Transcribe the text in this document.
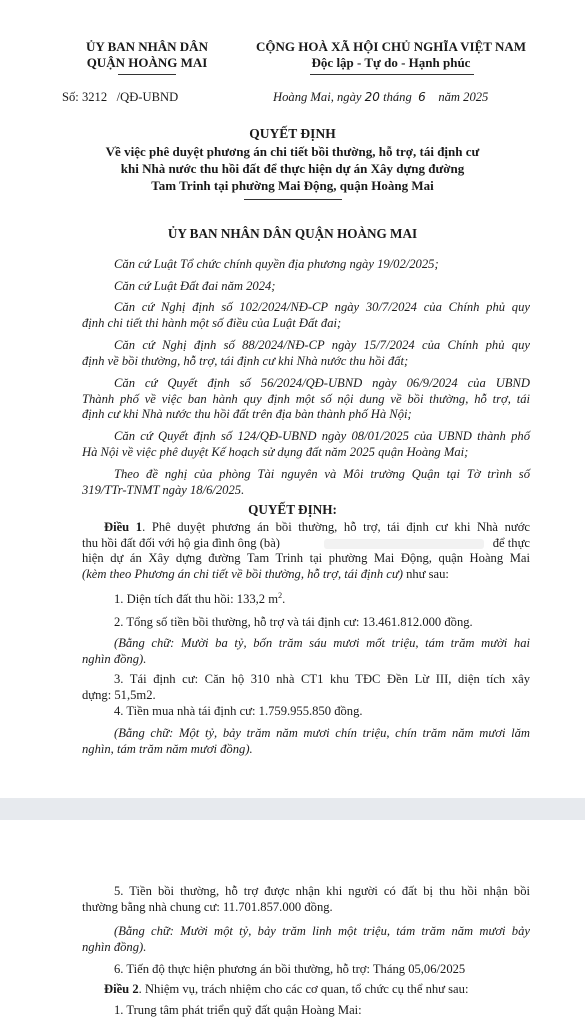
ỦY BAN NHÂN DÂN
QUẬN HOÀNG MAI
CỘNG HOÀ XÃ HỘI CHỦ NGHĨA VIỆT NAM
Độc lập - Tự do - Hạnh phúc
Số: 3212 /QĐ-UBND	Hoàng Mai, ngày 20 tháng 6 năm 2025
QUYẾT ĐỊNH
Về việc phê duyệt phương án chi tiết bồi thường, hỗ trợ, tái định cư
khi Nhà nước thu hồi đất để thực hiện dự án Xây dựng đường
Tam Trinh tại phường Mai Động, quận Hoàng Mai
ỦY BAN NHÂN DÂN QUẬN HOÀNG MAI
Căn cứ Luật Tổ chức chính quyền địa phương ngày 19/02/2025;
Căn cứ Luật Đất đai năm 2024;
Căn cứ Nghị định số 102/2024/NĐ-CP ngày 30/7/2024 của Chính phủ quy
định chi tiết thi hành một số điều của Luật Đất đai;
Căn cứ Nghị định số 88/2024/NĐ-CP ngày 15/7/2024 của Chính phủ quy
định về bồi thường, hỗ trợ, tái định cư khi Nhà nước thu hồi đất;
Căn cứ Quyết định số 56/2024/QĐ-UBND ngày 06/9/2024 của UBND
Thành phố về việc ban hành quy định một số nội dung về bồi thường, hỗ trợ, tái
định cư khi Nhà nước thu hồi đất trên địa bàn thành phố Hà Nội;
Căn cứ Quyết định số 124/QĐ-UBND ngày 08/01/2025 của UBND thành phố
Hà Nội về việc phê duyệt Kế hoạch sử dụng đất năm 2025 quận Hoàng Mai;
Theo đề nghị của phòng Tài nguyên và Môi trường Quận tại Tờ trình số
319/TTr-TNMT ngày 18/6/2025.
QUYẾT ĐỊNH:
Điều 1. Phê duyệt phương án bồi thường, hỗ trợ, tái định cư khi Nhà nước
thu hồi đất đối với hộ gia đình ông (bà)	để thực
hiện dự án Xây dựng đường Tam Trinh tại phường Mai Động, quận Hoàng Mai
(kèm theo Phương án chi tiết về bồi thường, hỗ trợ, tái định cư) như sau:
1. Diện tích đất thu hồi: 133,2 $m^2$.
2. Tổng số tiền bồi thường, hỗ trợ và tái định cư: 13.461.812.000 đồng.
(Bằng chữ: Mười ba tỷ, bốn trăm sáu mươi mốt triệu, tám trăm mười hai
nghìn đồng).
3. Tái định cư: Căn hộ 310 nhà CT1 khu TĐC Đền Lừ III, diện tích xây
dựng: 51,5m2.
4. Tiền mua nhà tái định cư: 1.759.955.850 đồng.
(Bằng chữ: Một tỷ, bảy trăm năm mươi chín triệu, chín trăm năm mươi lăm
nghìn, tám trăm năm mươi đồng).
5. Tiền bồi thường, hỗ trợ được nhận khi người có đất bị thu hồi nhận bồi
thường bằng nhà chung cư: 11.701.857.000 đồng.
(Bằng chữ: Mười một tỷ, bảy trăm linh một triệu, tám trăm năm mươi bảy
nghìn đồng).
6. Tiến độ thực hiện phương án bồi thường, hỗ trợ: Tháng 05,06/2025
Điều 2. Nhiệm vụ, trách nhiệm cho các cơ quan, tổ chức cụ thể như sau:
1. Trung tâm phát triển quỹ đất quận Hoàng Mai:
